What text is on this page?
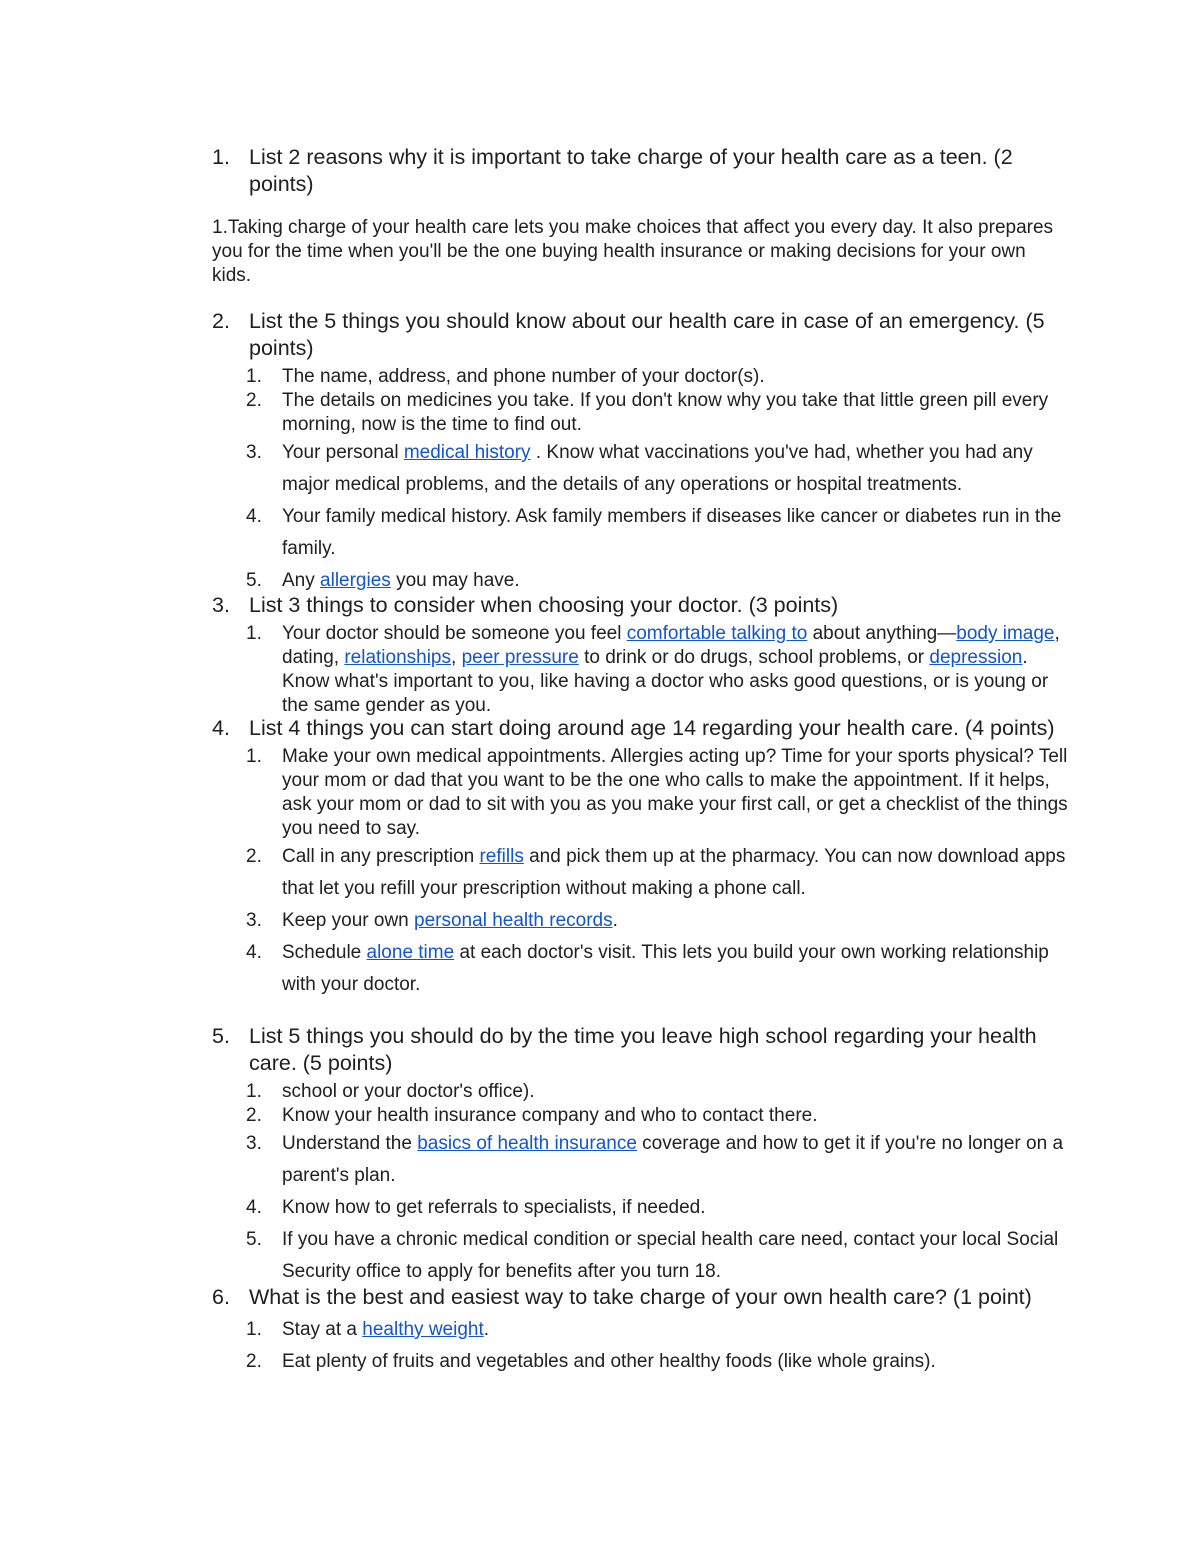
1. List 2 reasons why it is important to take charge of your health care as a teen. (2 points)
1.Taking charge of your health care lets you make choices that affect you every day. It also prepares you for the time when you'll be the one buying health insurance or making decisions for your own kids.
2. List the 5 things you should know about our health care in case of an emergency. (5 points)
1.	The name, address, and phone number of your doctor(s).
2.	The details on medicines you take. If you don't know why you take that little green pill every morning, now is the time to find out.
3.	Your personal medical history . Know what vaccinations you've had, whether you had any major medical problems, and the details of any operations or hospital treatments.
4.	Your family medical history. Ask family members if diseases like cancer or diabetes run in the family.
5.	Any allergies you may have.
3. List 3 things to consider when choosing your doctor. (3 points)
1.	Your doctor should be someone you feel comfortable talking to about anything—body image, dating, relationships, peer pressure to drink or do drugs, school problems, or depression. Know what's important to you, like having a doctor who asks good questions, or is young or the same gender as you.
4. List 4 things you can start doing around age 14 regarding your health care. (4 points)
1.	Make your own medical appointments. Allergies acting up? Time for your sports physical? Tell your mom or dad that you want to be the one who calls to make the appointment. If it helps, ask your mom or dad to sit with you as you make your first call, or get a checklist of the things you need to say.
2.	Call in any prescription refills and pick them up at the pharmacy. You can now download apps that let you refill your prescription without making a phone call.
3.	Keep your own personal health records.
4.	Schedule alone time at each doctor's visit. This lets you build your own working relationship with your doctor.
5. List 5 things you should do by the time you leave high school regarding your health care. (5 points)
1.	school or your doctor's office).
2.	Know your health insurance company and who to contact there.
3.	Understand the basics of health insurance coverage and how to get it if you're no longer on a parent's plan.
4.	Know how to get referrals to specialists, if needed.
5.	If you have a chronic medical condition or special health care need, contact your local Social Security office to apply for benefits after you turn 18.
6. What is the best and easiest way to take charge of your own health care? (1 point)
1.	Stay at a healthy weight.
2.	Eat plenty of fruits and vegetables and other healthy foods (like whole grains).
